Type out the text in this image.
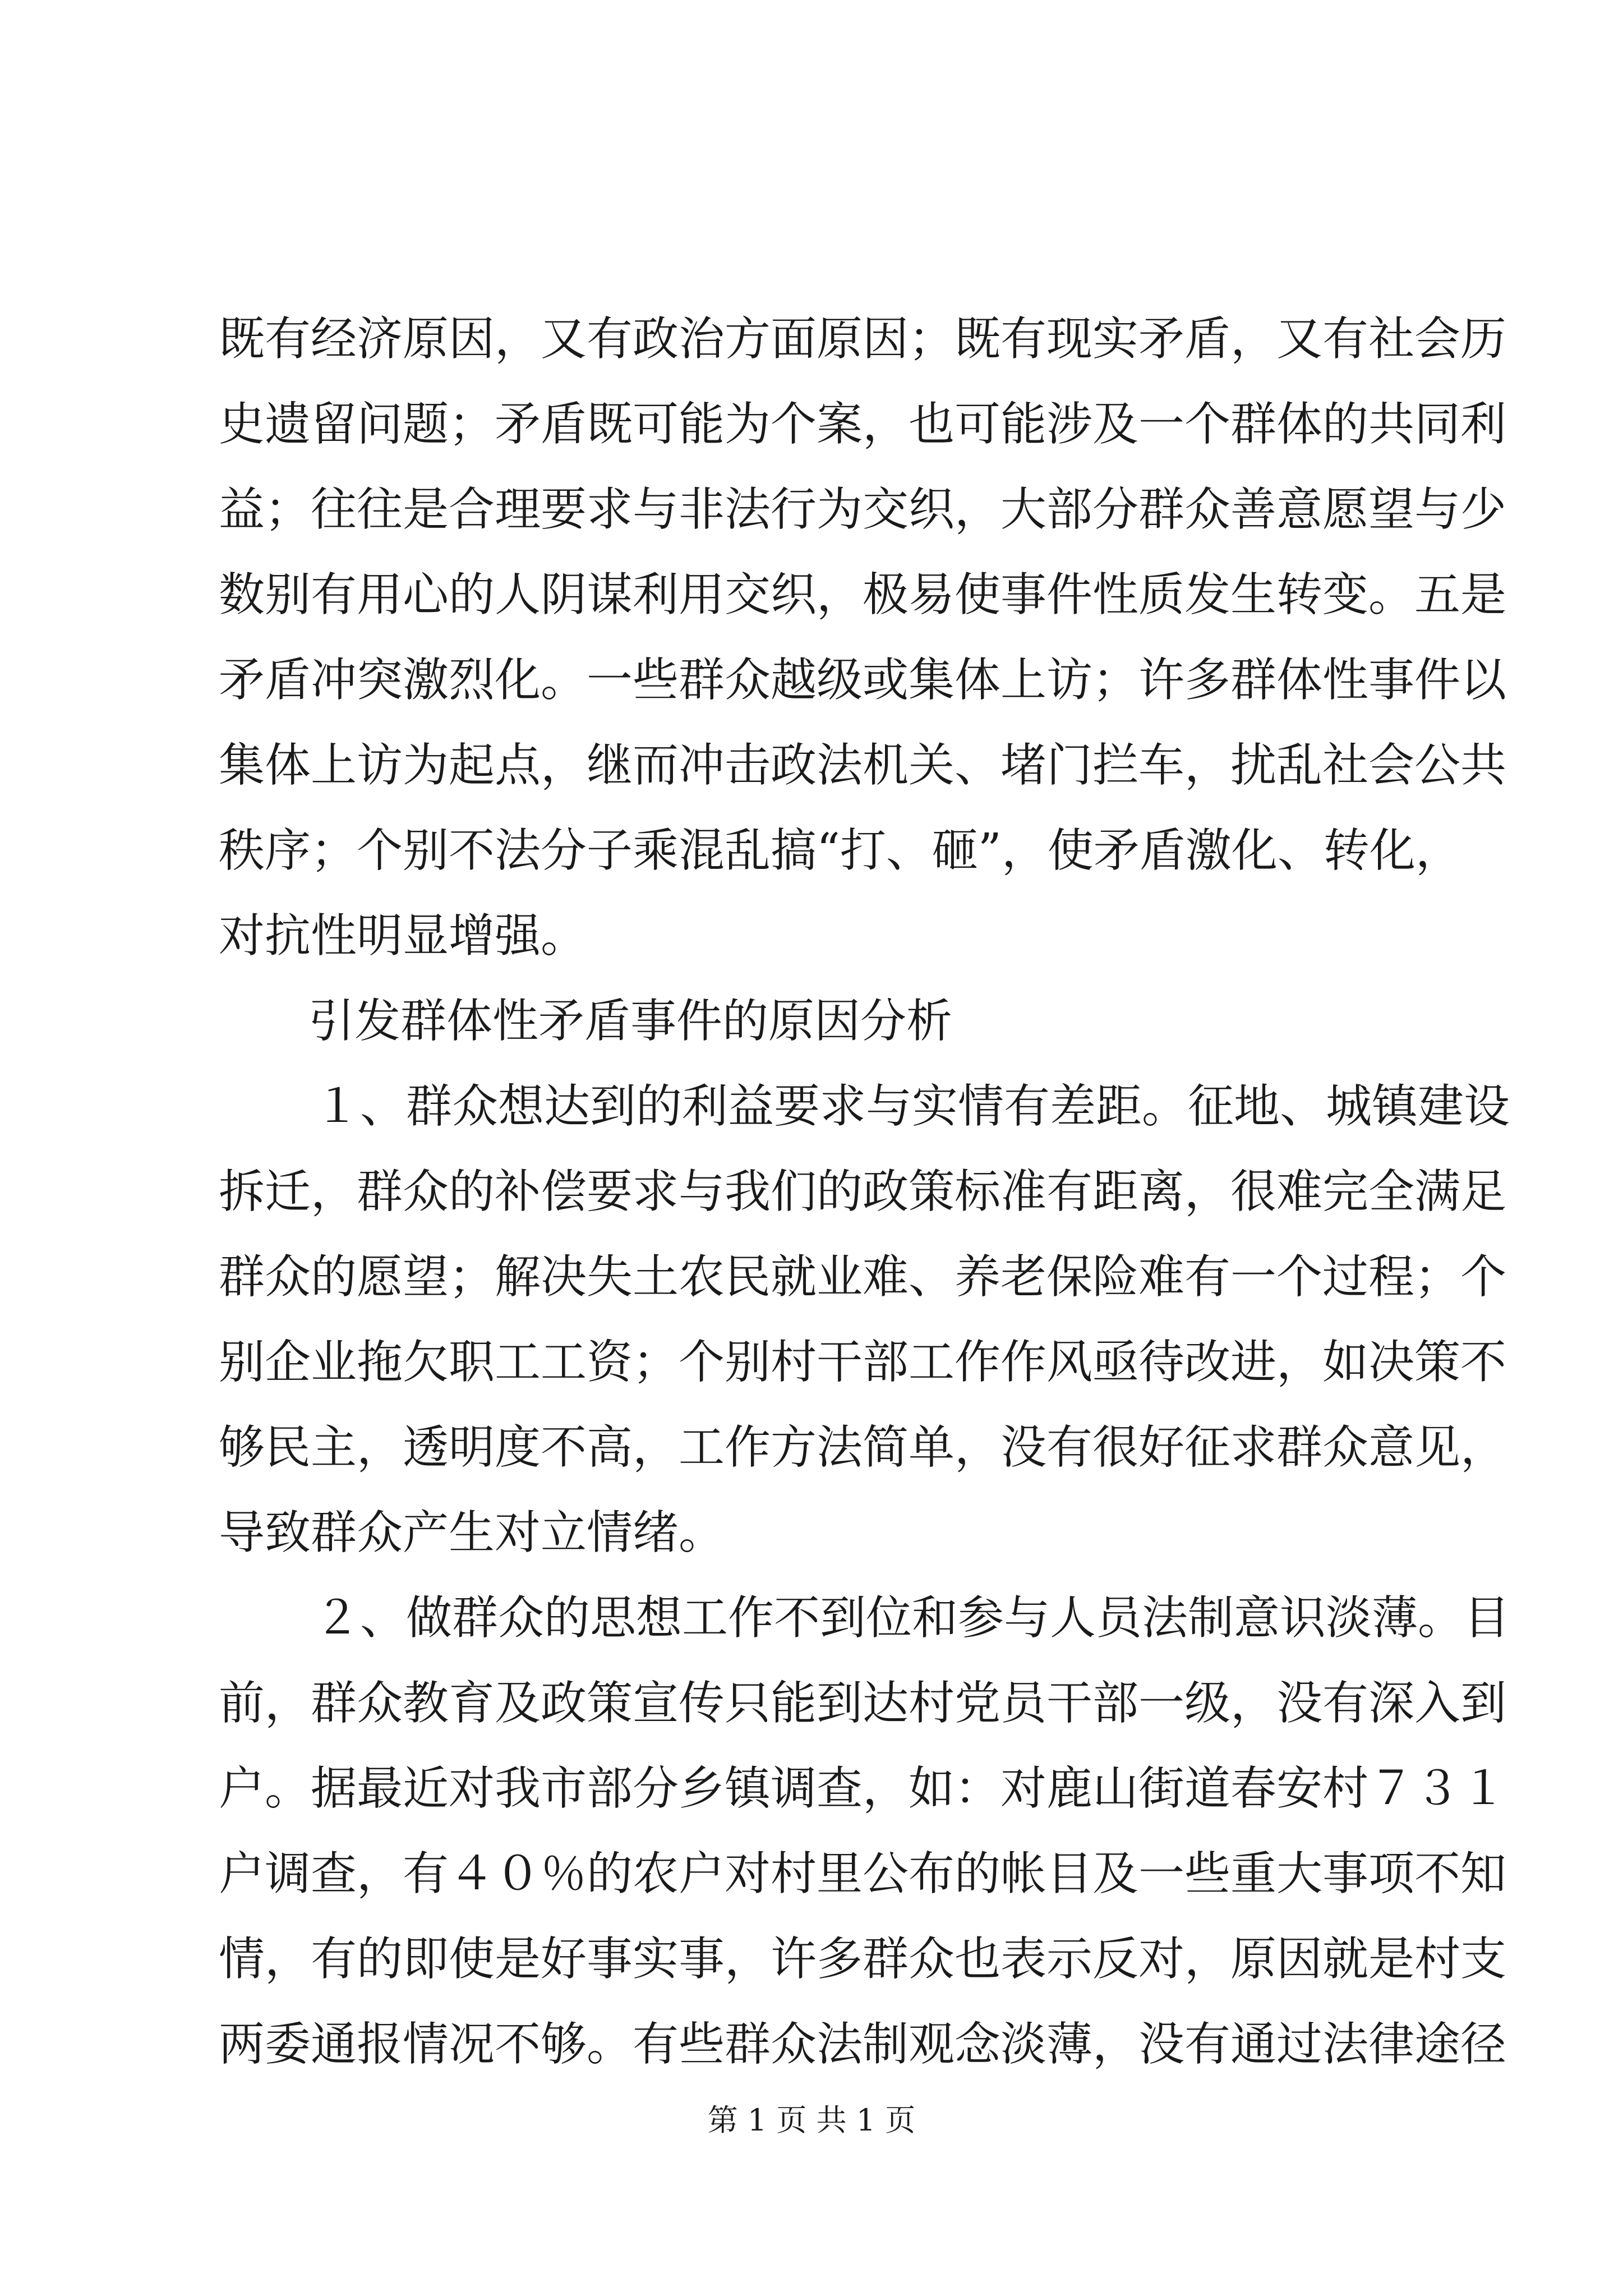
既有经济原因，又有政治方面原因；既有现实矛盾，又有社会历
史遗留问题；矛盾既可能为个案，也可能涉及一个群体的共同利
益；往往是合理要求与非法行为交织，大部分群众善意愿望与少
数别有用心的人阴谋利用交织，极易使事件性质发生转变。五是
矛盾冲突激烈化。一些群众越级或集体上访；许多群体性事件以
集体上访为起点，继而冲击政法机关、堵门拦车，扰乱社会公共
秩序；个别不法分子乘混乱搞“打、砸”，使矛盾激化、转化，
对抗性明显增强。
引发群体性矛盾事件的原因分析
１、群众想达到的利益要求与实情有差距。征地、城镇建设
拆迁，群众的补偿要求与我们的政策标准有距离，很难完全满足
群众的愿望；解决失土农民就业难、养老保险难有一个过程；个
别企业拖欠职工工资；个别村干部工作作风亟待改进，如决策不
够民主，透明度不高，工作方法简单，没有很好征求群众意见，
导致群众产生对立情绪。
２、做群众的思想工作不到位和参与人员法制意识淡薄。目
前，群众教育及政策宣传只能到达村党员干部一级，没有深入到
户。据最近对我市部分乡镇调查，如：对鹿山街道春安村７３１
户调查，有４０％的农户对村里公布的帐目及一些重大事项不知
情，有的即使是好事实事，许多群众也表示反对，原因就是村支
两委通报情况不够。有些群众法制观念淡薄，没有通过法律途径
第 1 页 共 1 页
